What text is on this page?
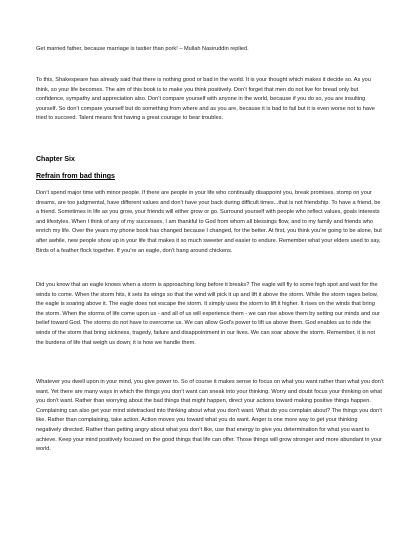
Get married father, because marriage is tastier than pork! – Mullah Nasiruddin replied.

To this, Shakespeare has already said that there is nothing good or bad in the world. It is your thought which makes it decide so. As you think, so your life becomes. The aim of this book is to make you think positively. Don’t forget that men do not live for bread only but confidence, sympathy and appreciation also. Don’t compare yourself with anyone in the world, because if you do so, you are insulting yourself. So don’t compare yourself but do something from where and as you are, because it is bad to fail but it is even worse not to have tried to succeed. Talent means first having a great courage to bear troubles.

Chapter Six
Refrain from bad things

Don’t spend major time with minor people. If there are people in your life who continually disappoint you, break promises, stomp on your dreams, are too judgmental, have different values and don’t have your back during difficult times...that is not friendship. To have a friend, be a friend. Sometimes in life as you grow, your friends will either grow or go. Surround yourself with people who reflect values, goals interests and lifestyles. When I think of any of my successes, I am thankful to God from whom all blessings flow, and to my family and friends who enrich my life. Over the years my phone book has changed because I changed, for the better. At first, you think you’re going to be alone, but after awhile, new people show up in your life that makes it so much sweeter and easier to endure. Remember what your elders used to say, Birds of a feather flock together. If you’re an eagle, don’t hang around chickens.

Did you know that an eagle knows when a storm is approaching long before it breaks? The eagle will fly to some high spot and wait for the winds to come. When the storm hits, it sets its wings so that the wind will pick it up and lift it above the storm. While the storm rages below, the eagle is soaring above it. The eagle does not escape the storm. It simply uses the storm to lift it higher. It rises on the winds that bring the storm. When the storms of life come upon us - and all of us will experience them - we can rise above them by setting our minds and our belief toward God. The storms do not have to overcome us. We can allow God’s power to lift us above them. God enables us to ride the winds of the storm that bring sickness, tragedy, failure and disappointment in our lives. We can soar above the storm. Remember, it is not the burdens of life that weigh us down; it is how we handle them.

Whatever you dwell upon in your mind, you give power to. So of course it makes sense to focus on what you want rather than what you don’t want. Yet there are many ways in which the things you don’t want can sneak into your thinking. Worry and doubt focus your thinking on what you don’t want. Rather than worrying about the bad things that might happen, direct your actions toward making positive things happen. Complaining can also get your mind sidetracked into thinking about what you don’t want. What do you complain about? The things you don’t like. Rather than complaining, take action. Action moves you toward what you do want. Anger is one more way to get your thinking negatively directed. Rather than getting angry about what you don’t like, use that energy to give you determination for what you want to achieve. Keep your mind positively focused on the good things that life can offer. Those things will grow stronger and more abundant in your world.
